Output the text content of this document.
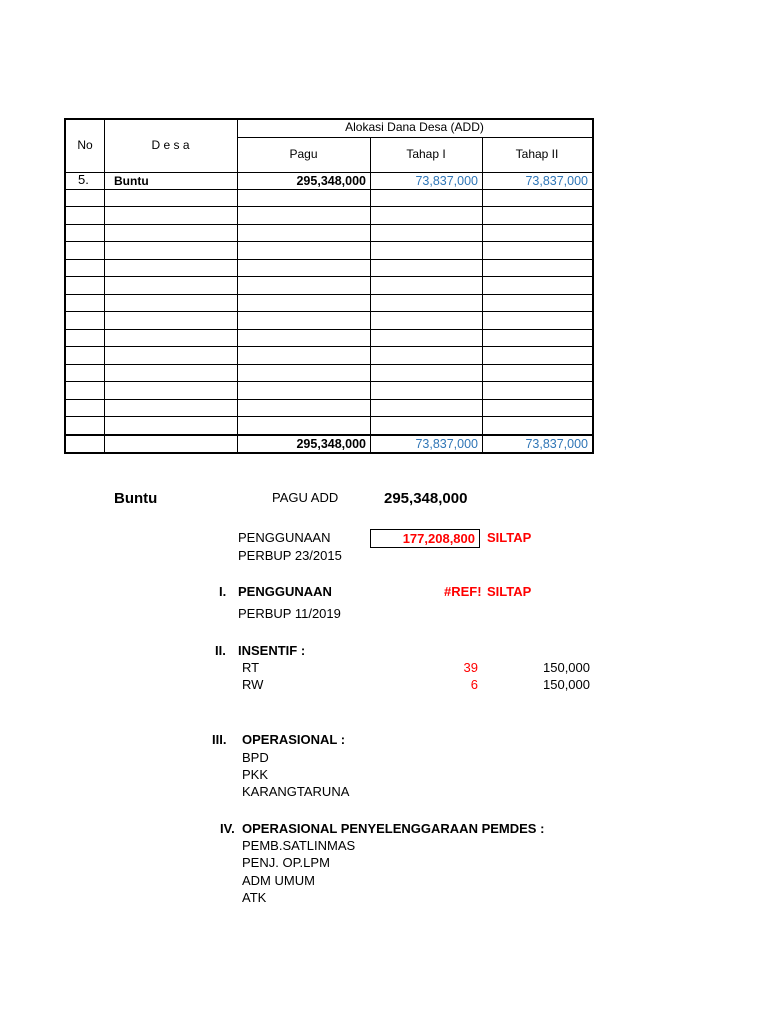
No	D e s a
Alokasi Dana Desa (ADD)
Pagu	Tahap I	Tahap II
5. Buntu	295,348,000	73,837,000	73,837,000
295,348,000	73,837,000	73,837,000
Buntu	PAGU ADD	295,348,000
PENGGUNAAN	177,208,800 SILTAP
PERBUP 23/2015
I. PENGGUNAAN	#REF! SILTAP
PERBUP 11/2019
II. INSENTIF :
RT	39	150,000
RW	6	150,000
III. OPERASIONAL :
BPD
PKK
KARANGTARUNA
IV. OPERASIONAL PENYELENGGARAAN PEMDES :
PEMB.SATLINMAS
PENJ. OP.LPM
ADM UMUM
ATK
